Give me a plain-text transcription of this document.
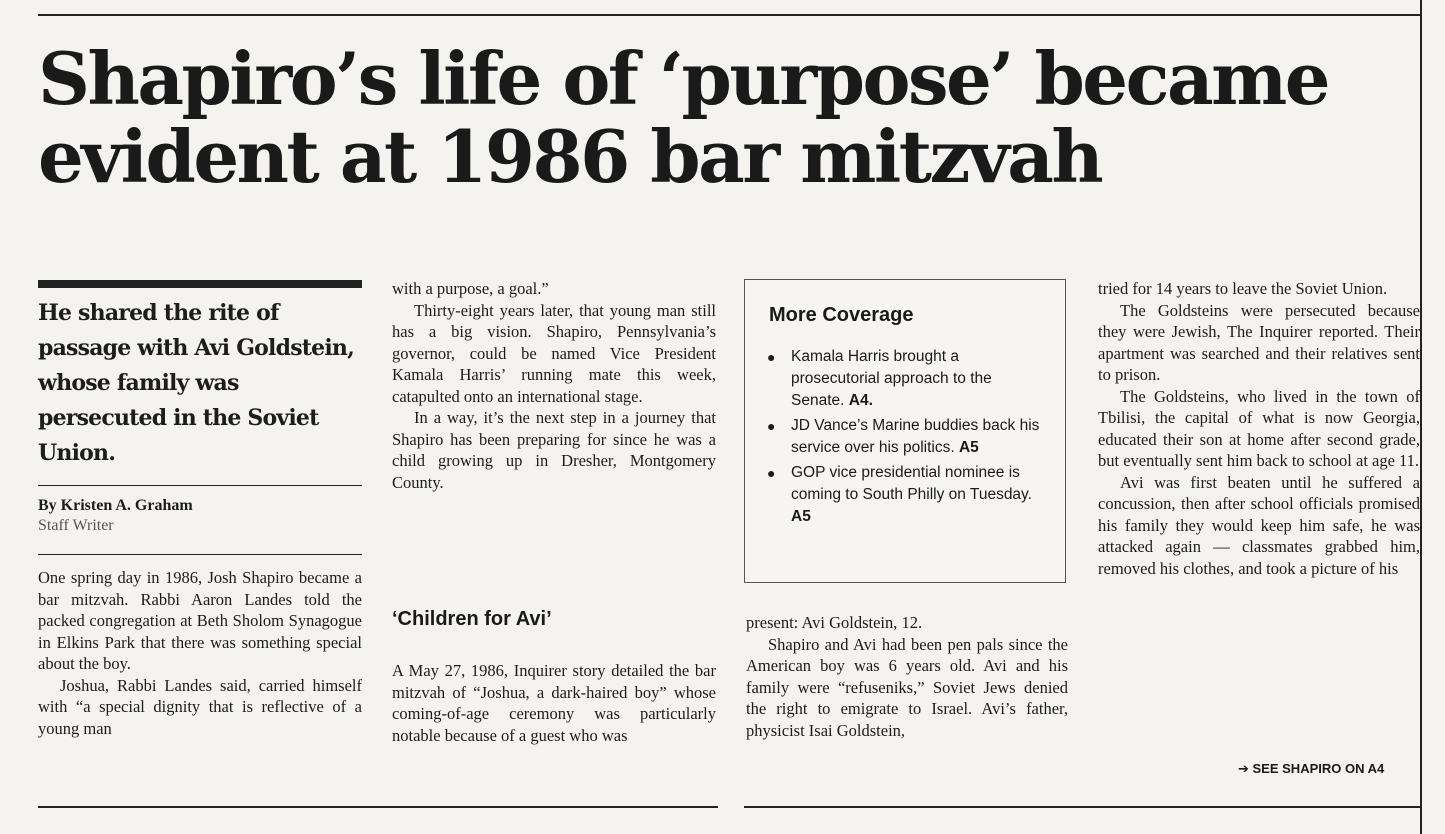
Shapiro’s life of ‘purpose’ became
evident at 1986 bar mitzvah
He shared the rite of passage with Avi Goldstein, whose family was persecuted in the Soviet Union.
By Kristen A. Graham
Staff Writer

One spring day in 1986, Josh Shapiro became a bar mitzvah. Rabbi Aaron Landes told the packed congregation at Beth Sholom Synagogue in Elkins Park that there was something special about the boy.

Joshua, Rabbi Landes said, carried himself with “a special dignity that is reflective of a young man

with a purpose, a goal.”

Thirty-eight years later, that young man still has a big vision. Shapiro, Pennsylvania’s governor, could be named Vice President Kamala Harris’ running mate this week, catapulted onto an international stage.

In a way, it’s the next step in a journey that Shapiro has been preparing for since he was a child growing up in Dresher, Montgomery County.

‘Children for Avi’

A May 27, 1986, Inquirer story detailed the bar mitzvah of “Joshua, a dark-haired boy” whose coming-of-age ceremony was particularly notable because of a guest who was

More Coverage
● Kamala Harris brought a prosecutorial approach to the Senate. A4.
● JD Vance’s Marine buddies back his service over his politics. A5
● GOP vice presidential nominee is coming to South Philly on Tuesday. A5

present: Avi Goldstein, 12.

Shapiro and Avi had been pen pals since the American boy was 6 years old. Avi and his family were “refuseniks,” Soviet Jews denied the right to emigrate to Israel. Avi’s father, physicist Isai Goldstein,

tried for 14 years to leave the Soviet Union.

The Goldsteins were persecuted because they were Jewish, The Inquirer reported. Their apartment was searched and their relatives sent to prison.

The Goldsteins, who lived in the town of Tbilisi, the capital of what is now Georgia, educated their son at home after second grade, but eventually sent him back to school at age 11.

Avi was first beaten until he suffered a concussion, then after school officials promised his family they would keep him safe, he was attacked again — classmates grabbed him, removed his clothes, and took a picture of his

➔ SEE SHAPIRO ON A4
